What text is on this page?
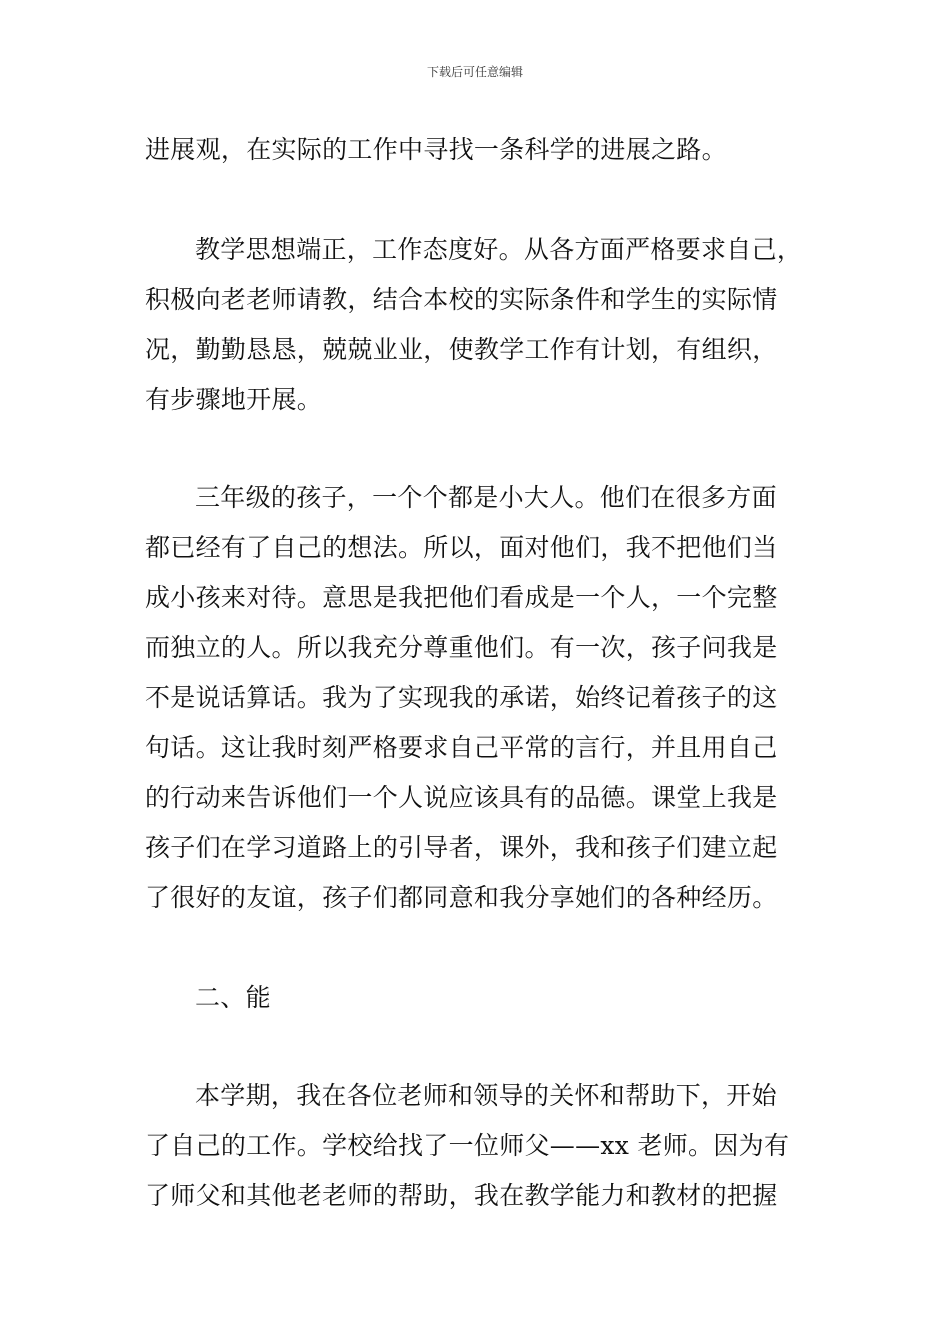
下载后可任意编辑
进展观，在实际的工作中寻找一条科学的进展之路。
教学思想端正，工作态度好。从各方面严格要求自己，
积极向老老师请教，结合本校的实际条件和学生的实际情
况，勤勤恳恳，兢兢业业，使教学工作有计划，有组织，
有步骤地开展。
三年级的孩子，一个个都是小大人。他们在很多方面
都已经有了自己的想法。所以，面对他们，我不把他们当
成小孩来对待。意思是我把他们看成是一个人，一个完整
而独立的人。所以我充分尊重他们。有一次，孩子问我是
不是说话算话。我为了实现我的承诺，始终记着孩子的这
句话。这让我时刻严格要求自己平常的言行，并且用自己
的行动来告诉他们一个人说应该具有的品德。课堂上我是
孩子们在学习道路上的引导者，课外，我和孩子们建立起
了很好的友谊，孩子们都同意和我分享她们的各种经历。
二、能
本学期，我在各位老师和领导的关怀和帮助下，开始
了自己的工作。学校给找了一位师父——xx 老师。因为有
了师父和其他老老师的帮助，我在教学能力和教材的把握
